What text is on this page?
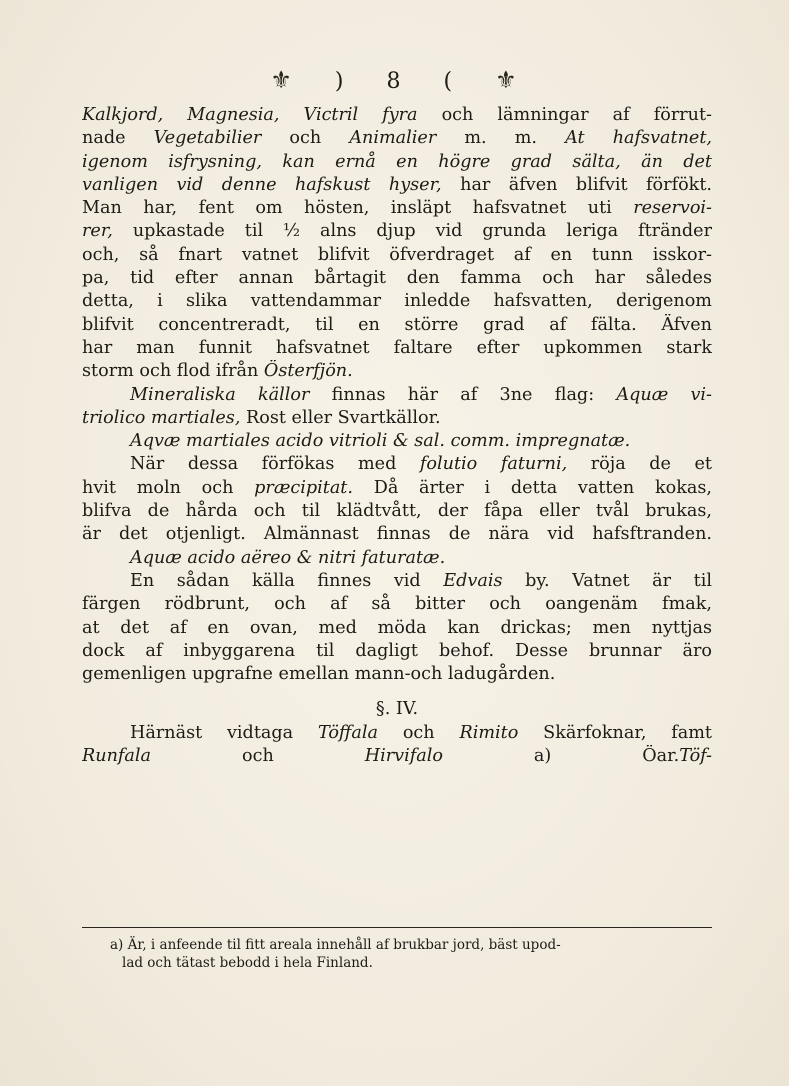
⚜ ) 8 ( ⚜
Kalkjord, Magnesia, Victril fyra och lämningar af förrut-
nade Vegetabilier och Animalier m. m. At hafsvatnet,
igenom isfrysning, kan ernå en högre grad sälta, än det
vanligen vid denne hafskust hyser, har äfven blifvit förfökt.
Man har, fent om hösten, insläpt hafsvatnet uti reservoi-
rer, upkastade til ½ alns djup vid grunda leriga ftränder
och, så fnart vatnet blifvit öfverdraget af en tunn isskor-
pa, tid efter annan bårtagit den famma och har således
detta, i slika vattendammar inledde hafsvatten, derigenom
blifvit concentreradt, til en större grad af fälta. Äfven
har man funnit hafsvatnet faltare efter upkommen stark
storm och flod ifrån Österfjön.
Mineraliska källor finnas här af 3ne flag: Aquæ vi-
triolico martiales, Rost eller Svartkällor.
Aqvæ martiales acido vitrioli & sal. comm. impregnatæ.
När dessa förfökas med folutio faturni, röja de et
hvit moln och præcipitat. Då ärter i detta vatten kokas,
blifva de hårda och til klädtvått, der fåpa eller tvål brukas,
är det otjenligt. Almännast finnas de nära vid hafsftranden.
Aquæ acido aëreo & nitri faturatæ.
En sådan källa finnes vid Edvais by. Vatnet är til
färgen rödbrunt, och af så bitter och oangenäm fmak,
at det af en ovan, med möda kan drickas; men nyttjas
dock af inbyggarena til dagligt behof. Desse brunnar äro
gemenligen upgrafne emellan mann-och ladugården.
§. IV.
Härnäst vidtaga Töffala och Rimito Skärfoknar, famt
Runfala och Hirvifalo a) Öar.Töf-
a) Är, i anfeende til fitt areala innehåll af brukbar jord, bäst upod-
lad och tätast bebodd i hela Finland.
